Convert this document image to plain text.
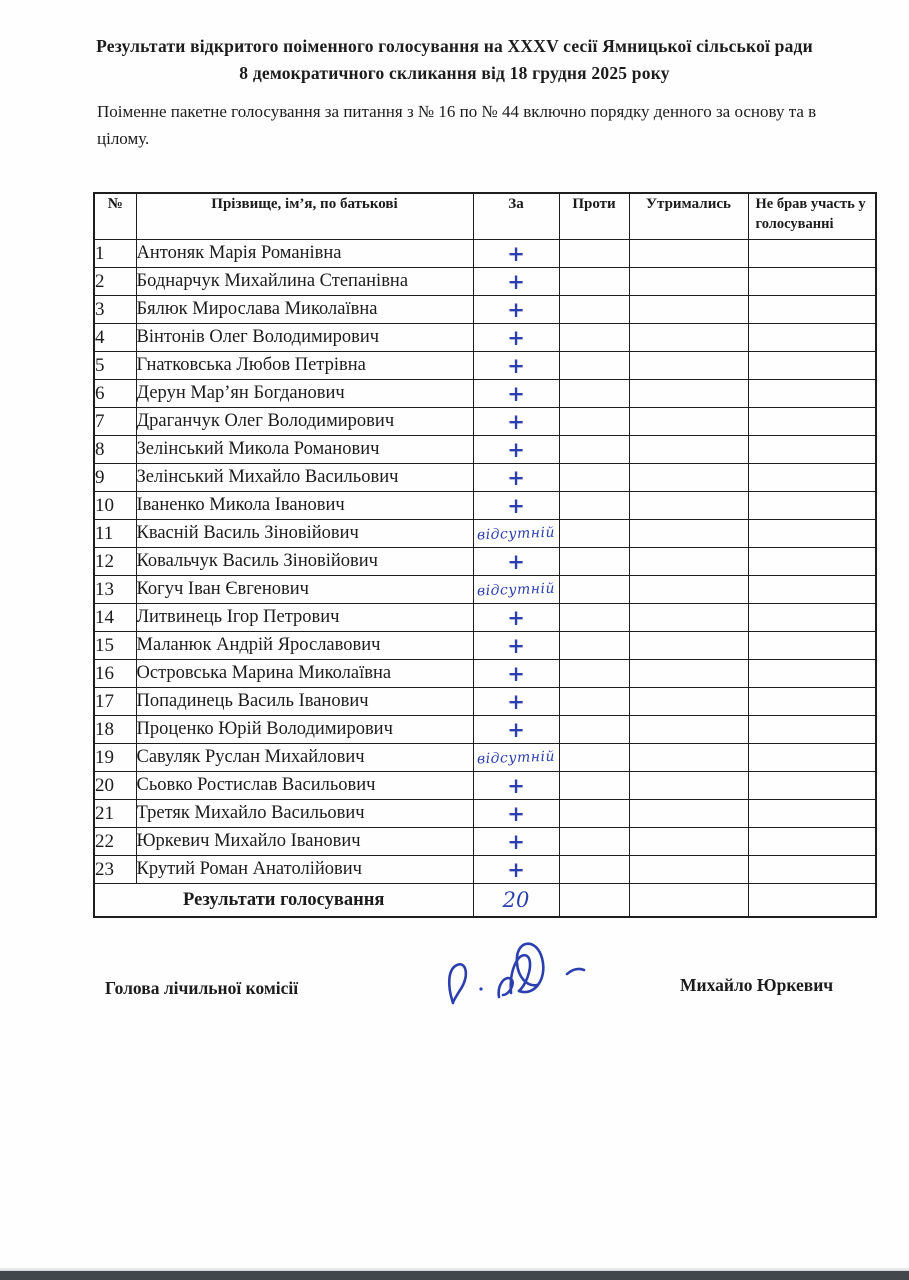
Результати відкритого поіменного голосування на XXXV сесії Ямницької сільської ради
8 демократичного скликання від 18 грудня 2025 року

Поіменне пакетне голосування за питання з № 16 по № 44 включно порядку денного за основу та в цілому.

№	Прізвище, ім’я, по батькові	За	Проти	Утримались	Не брав участь у голосуванні
1	Антоняк Марія Романівна	+			
2	Боднарчук Михайлина Степанівна	+			
3	Бялюк Мирослава Миколаївна	+			
4	Вінтонів Олег Володимирович	+			
5	Гнатковська Любов Петрівна	+			
6	Дерун Мар’ян Богданович	+			
7	Драганчук Олег Володимирович	+			
8	Зелінський Микола Романович	+			
9	Зелінський Михайло Васильович	+			
10	Іваненко Микола Іванович	+			
11	Квасній Василь Зіновійович	відсутній			
12	Ковальчук Василь Зіновійович	+			
13	Когуч Іван Євгенович	відсутній			
14	Литвинець Ігор Петрович	+			
15	Маланюк Андрій Ярославович	+			
16	Островська Марина Миколаївна	+			
17	Попадинець Василь Іванович	+			
18	Проценко Юрій Володимирович	+			
19	Савуляк Руслан Михайлович	відсутній			
20	Сьовко Ростислав Васильович	+			
21	Третяк Михайло Васильович	+			
22	Юркевич Михайло Іванович	+			
23	Крутий Роман Анатолійович	+			
Результати голосування		20			
Голова лічильної комісії	Михайло Юркевич
